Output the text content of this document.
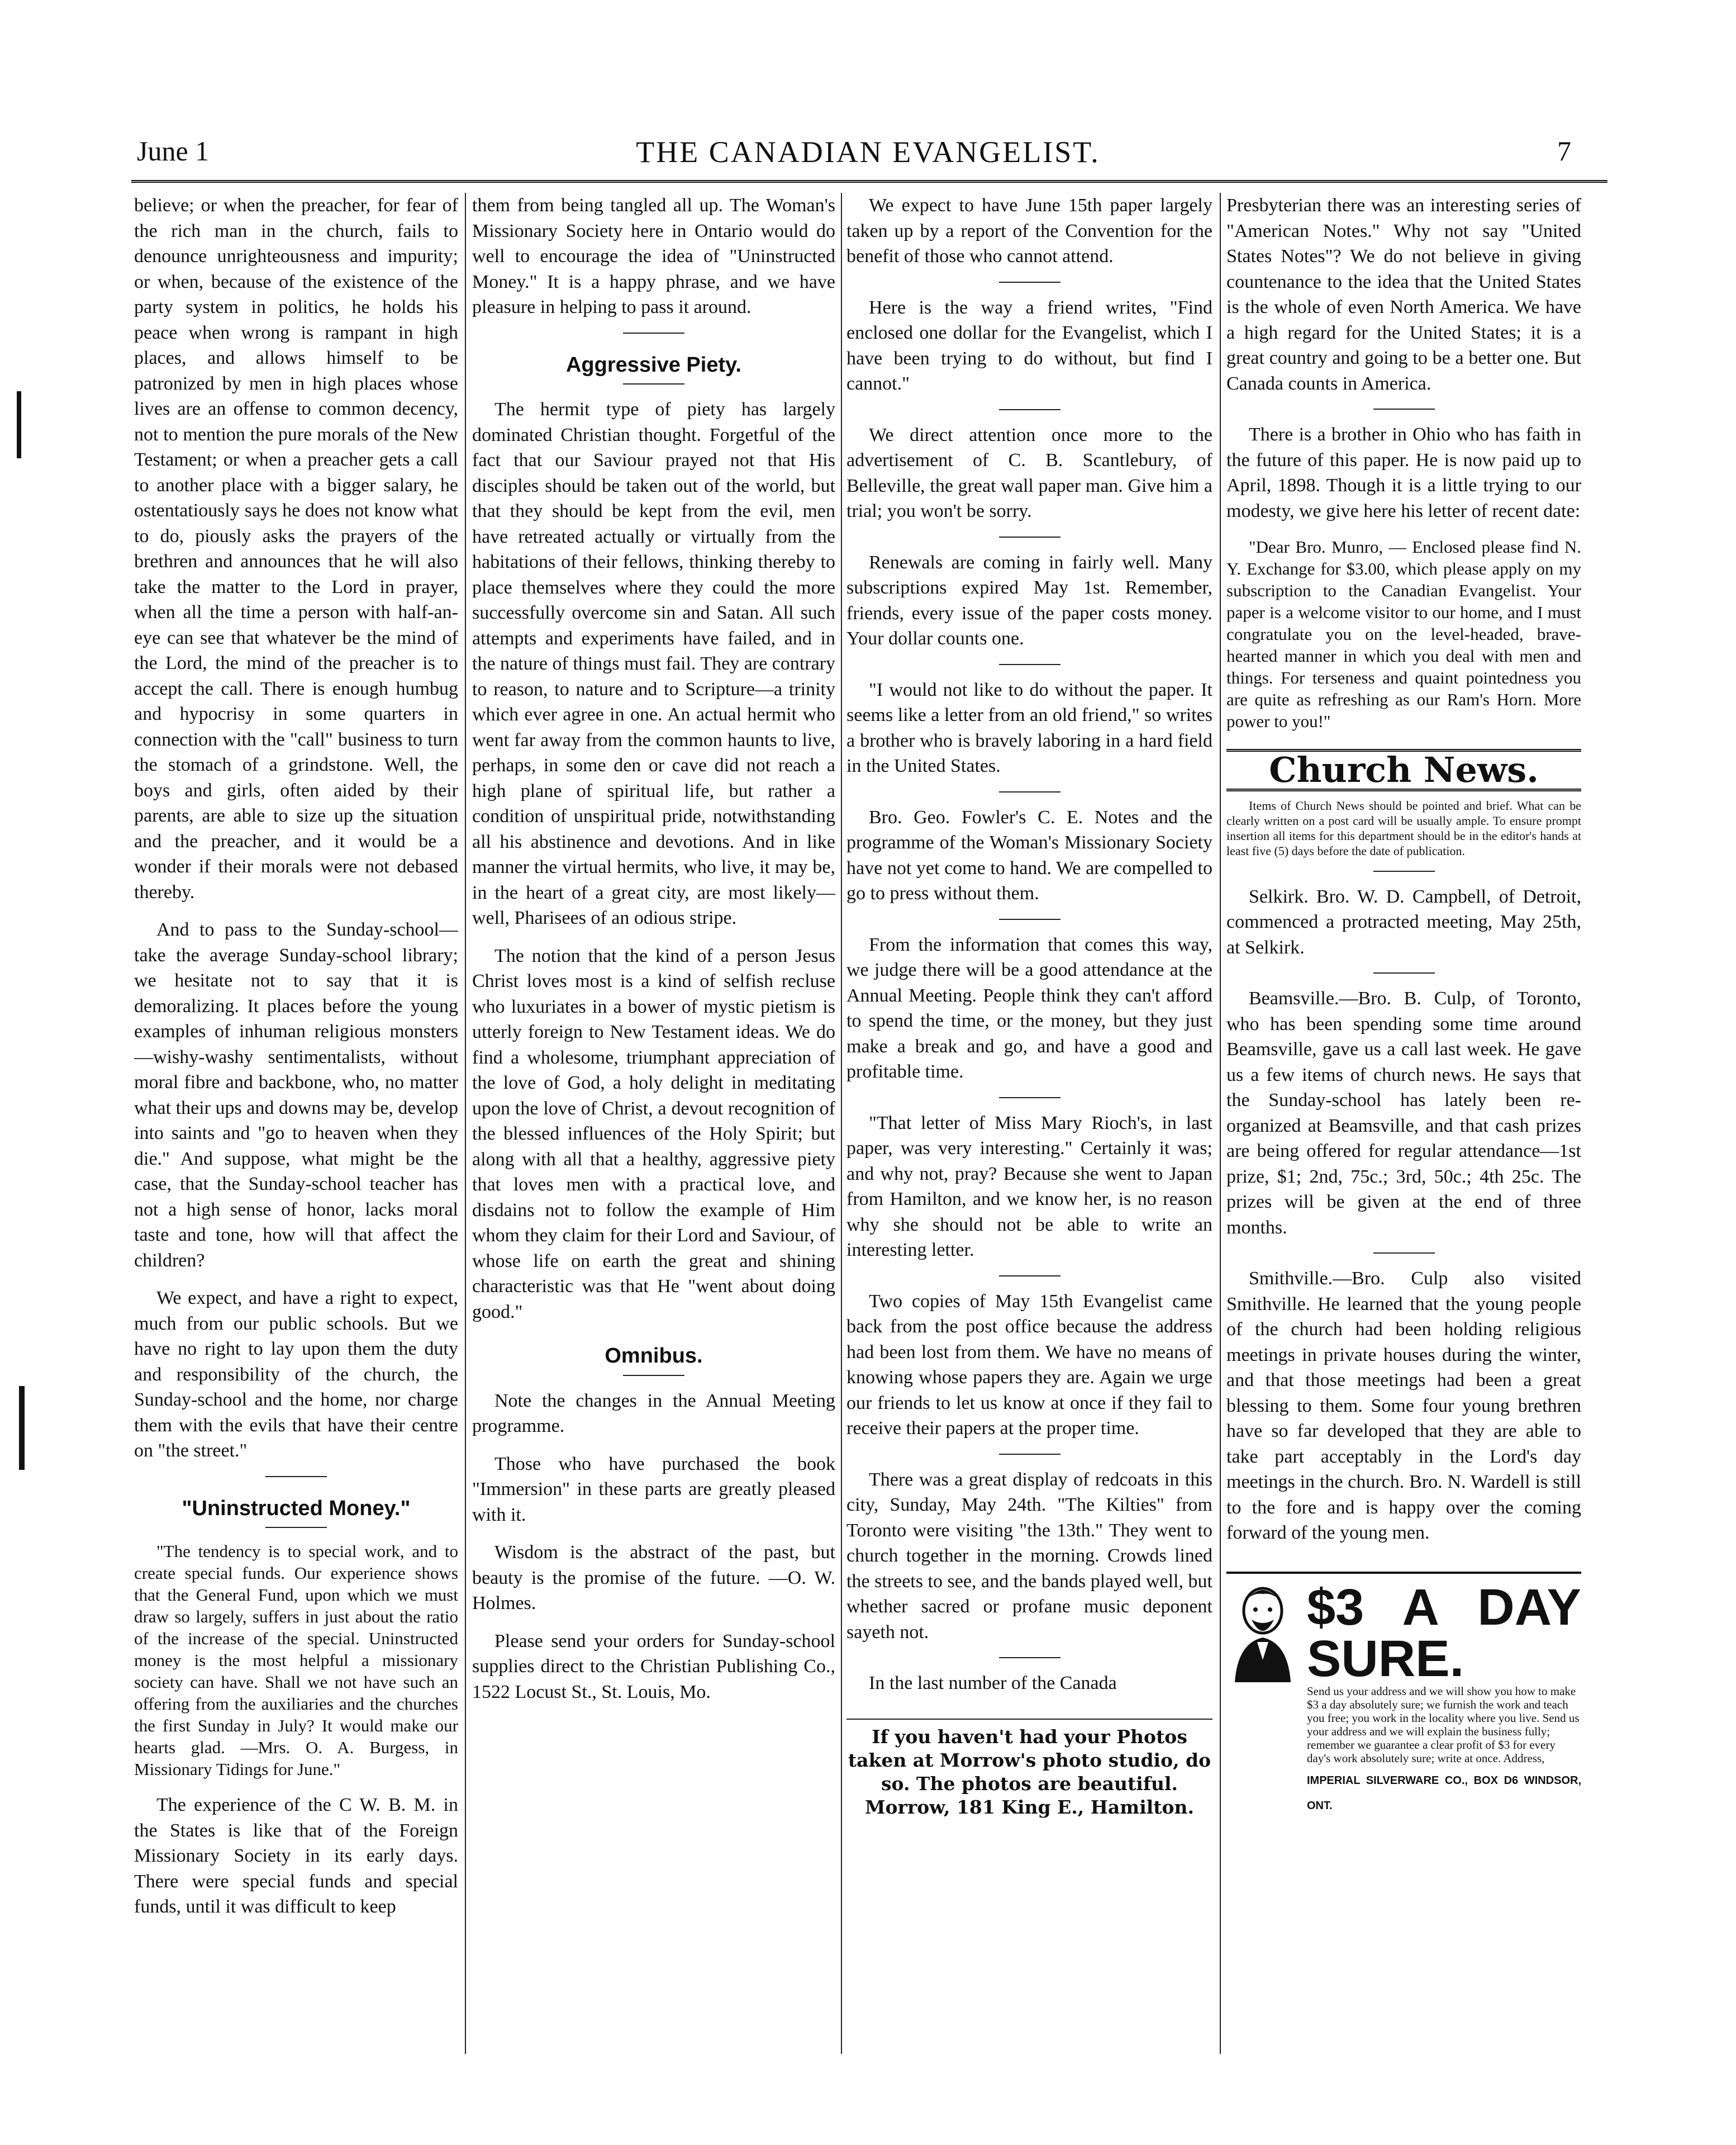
June 1	THE CANADIAN EVANGELIST.	7

believe; or when the preacher, for fear of the rich man in the church, fails to denounce unrighteousness and impurity; or when, because of the existence of the party system in politics, he holds his peace when wrong is rampant in high places, and allows himself to be patronized by men in high places whose lives are an offense to common decency, not to mention the pure morals of the New Testament; or when a preacher gets a call to another place with a bigger salary, he ostentatiously says he does not know what to do, piously asks the prayers of the brethren and announces that he will also take the matter to the Lord in prayer, when all the time a person with half-an-eye can see that whatever be the mind of the Lord, the mind of the preacher is to accept the call. There is enough humbug and hypocrisy in some quarters in connection with the "call" business to turn the stomach of a grindstone. Well, the boys and girls, often aided by their parents, are able to size up the situation and the preacher, and it would be a wonder if their morals were not debased thereby.

And to pass to the Sunday-school—take the average Sunday-school library; we hesitate not to say that it is demoralizing. It places before the young examples of inhuman religious monsters—wishy-washy sentimentalists, without moral fibre and backbone, who, no matter what their ups and downs may be, develop into saints and "go to heaven when they die." And suppose, what might be the case, that the Sunday-school teacher has not a high sense of honor, lacks moral taste and tone, how will that affect the children?

We expect, and have a right to expect, much from our public schools. But we have no right to lay upon them the duty and responsibility of the church, the Sunday-school and the home, nor charge them with the evils that have their centre on "the street."

"Uninstructed Money."

"The tendency is to special work, and to create special funds. Our experience shows that the General Fund, upon which we must draw so largely, suffers in just about the ratio of the increase of the special. Uninstructed money is the most helpful a missionary society can have. Shall we not have such an offering from the auxiliaries and the churches the first Sunday in July? It would make our hearts glad. —Mrs. O. A. Burgess, in Missionary Tidings for June."

The experience of the C W. B. M. in the States is like that of the Foreign Missionary Society in its early days. There were special funds and special funds, until it was difficult to keep

them from being tangled all up. The Woman's Missionary Society here in Ontario would do well to encourage the idea of "Uninstructed Money." It is a happy phrase, and we have pleasure in helping to pass it around.

Aggressive Piety.

The hermit type of piety has largely dominated Christian thought. Forgetful of the fact that our Saviour prayed not that His disciples should be taken out of the world, but that they should be kept from the evil, men have retreated actually or virtually from the habitations of their fellows, thinking thereby to place themselves where they could the more successfully overcome sin and Satan. All such attempts and experiments have failed, and in the nature of things must fail. They are contrary to reason, to nature and to Scripture—a trinity which ever agree in one. An actual hermit who went far away from the common haunts to live, perhaps, in some den or cave did not reach a high plane of spiritual life, but rather a condition of unspiritual pride, notwithstanding all his abstinence and devotions. And in like manner the virtual hermits, who live, it may be, in the heart of a great city, are most likely—well, Pharisees of an odious stripe.

The notion that the kind of a person Jesus Christ loves most is a kind of selfish recluse who luxuriates in a bower of mystic pietism is utterly foreign to New Testament ideas. We do find a wholesome, triumphant appreciation of the love of God, a holy delight in meditating upon the love of Christ, a devout recognition of the blessed influences of the Holy Spirit; but along with all that a healthy, aggressive piety that loves men with a practical love, and disdains not to follow the example of Him whom they claim for their Lord and Saviour, of whose life on earth the great and shining characteristic was that He "went about doing good."

Omnibus.

Note the changes in the Annual Meeting programme.

Those who have purchased the book "Immersion" in these parts are greatly pleased with it.

Wisdom is the abstract of the past, but beauty is the promise of the future. —O. W. Holmes.

Please send your orders for Sunday-school supplies direct to the Christian Publishing Co., 1522 Locust St., St. Louis, Mo.

We expect to have June 15th paper largely taken up by a report of the Convention for the benefit of those who cannot attend.

Here is the way a friend writes, "Find enclosed one dollar for the Evangelist, which I have been trying to do without, but find I cannot."

We direct attention once more to the advertisement of C. B. Scantlebury, of Belleville, the great wall paper man. Give him a trial; you won't be sorry.

Renewals are coming in fairly well. Many subscriptions expired May 1st. Remember, friends, every issue of the paper costs money. Your dollar counts one.

"I would not like to do without the paper. It seems like a letter from an old friend," so writes a brother who is bravely laboring in a hard field in the United States.

Bro. Geo. Fowler's C. E. Notes and the programme of the Woman's Missionary Society have not yet come to hand. We are compelled to go to press without them.

From the information that comes this way, we judge there will be a good attendance at the Annual Meeting. People think they can't afford to spend the time, or the money, but they just make a break and go, and have a good and profitable time.

"That letter of Miss Mary Rioch's, in last paper, was very interesting." Certainly it was; and why not, pray? Because she went to Japan from Hamilton, and we know her, is no reason why she should not be able to write an interesting letter.

Two copies of May 15th Evangelist came back from the post office because the address had been lost from them. We have no means of knowing whose papers they are. Again we urge our friends to let us know at once if they fail to receive their papers at the proper time.

There was a great display of redcoats in this city, Sunday, May 24th. "The Kilties" from Toronto were visiting "the 13th." They went to church together in the morning. Crowds lined the streets to see, and the bands played well, but whether sacred or profane music deponent sayeth not.

In the last number of the Canada

If you haven't had your Photos taken at Morrow's photo studio, do so. The photos are beautiful. Morrow, 181 King E., Hamilton.

Presbyterian there was an interesting series of "American Notes." Why not say "United States Notes"? We do not believe in giving countenance to the idea that the United States is the whole of even North America. We have a high regard for the United States; it is a great country and going to be a better one. But Canada counts in America.

There is a brother in Ohio who has faith in the future of this paper. He is now paid up to April, 1898. Though it is a little trying to our modesty, we give here his letter of recent date:

"Dear Bro. Munro, — Enclosed please find N. Y. Exchange for $3.00, which please apply on my subscription to the Canadian Evangelist. Your paper is a welcome visitor to our home, and I must congratulate you on the level-headed, brave-hearted manner in which you deal with men and things. For terseness and quaint pointedness you are quite as refreshing as our Ram's Horn. More power to you!"

Church News.

Items of Church News should be pointed and brief. What can be clearly written on a post card will be usually ample. To ensure prompt insertion all items for this department should be in the editor's hands at least five (5) days before the date of publication.

Selkirk. Bro. W. D. Campbell, of Detroit, commenced a protracted meeting, May 25th, at Selkirk.

Beamsville.—Bro. B. Culp, of Toronto, who has been spending some time around Beamsville, gave us a call last week. He gave us a few items of church news. He says that the Sunday-school has lately been re-organized at Beamsville, and that cash prizes are being offered for regular attendance—1st prize, $1; 2nd, 75c.; 3rd, 50c.; 4th 25c. The prizes will be given at the end of three months.

Smithville.—Bro. Culp also visited Smithville. He learned that the young people of the church had been holding religious meetings in private houses during the winter, and that those meetings had been a great blessing to them. Some four young brethren have so far developed that they are able to take part acceptably in the Lord's day meetings in the church. Bro. N. Wardell is still to the fore and is happy over the coming forward of the young men.

$3 A DAY SURE.
Send us your address and we will show you how to make $3 a day absolutely sure; we furnish the work and teach you free; you work in the locality where you live. Send us your address and we will explain the business fully; remember we guarantee a clear profit of $3 for every day's work absolutely sure; write at once. Address,
IMPERIAL SILVERWARE CO., BOX D6 WINDSOR, ONT.
